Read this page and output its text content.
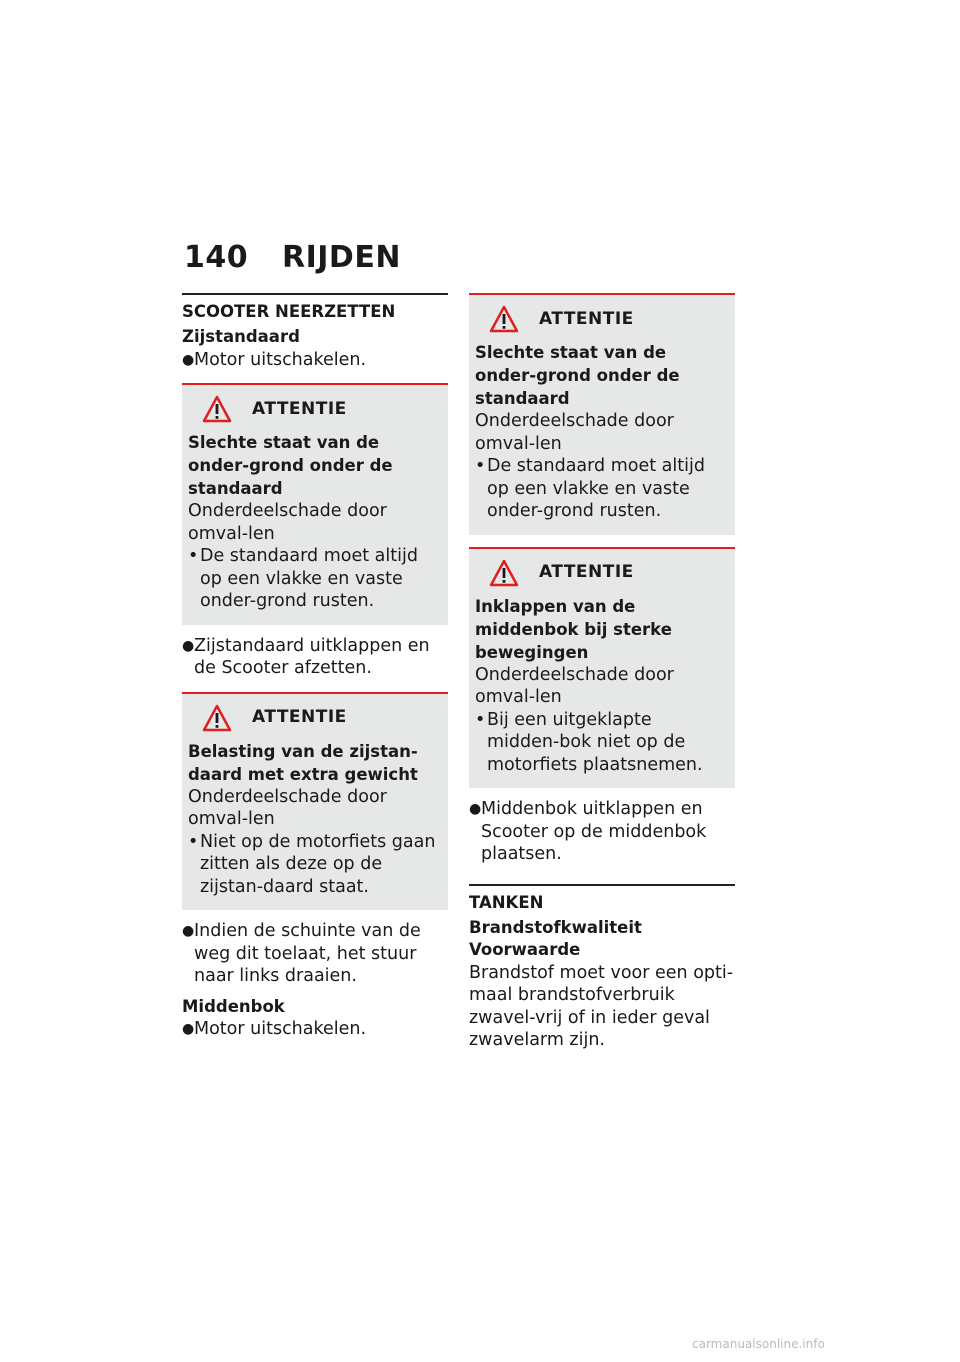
140 RIJDEN
SCOOTER NEERZETTEN
Zijstandaard
● Motor uitschakelen.
ATTENTIE
Slechte staat van de onder-grond onder de standaard
Onderdeelschade door omval-len
• De standaard moet altijd op een vlakke en vaste onder-grond rusten.
● Zijstandaard uitklappen en de Scooter afzetten.
ATTENTIE
Belasting van de zijstan-daard met extra gewicht
Onderdeelschade door omval-len
• Niet op de motorfiets gaan zitten als deze op de zijstan-daard staat.
● Indien de schuinte van de weg dit toelaat, het stuur naar links draaien.
Middenbok
● Motor uitschakelen.
ATTENTIE
Slechte staat van de onder-grond onder de standaard
Onderdeelschade door omval-len
• De standaard moet altijd op een vlakke en vaste onder-grond rusten.
ATTENTIE
Inklappen van de middenbok bij sterke bewegingen
Onderdeelschade door omval-len
• Bij een uitgeklapte midden-bok niet op de motorfiets plaatsnemen.
● Middenbok uitklappen en Scooter op de middenbok plaatsen.
TANKEN
Brandstofkwaliteit
Voorwaarde
Brandstof moet voor een opti-maal brandstofverbruik zwavel-vrij of in ieder geval zwavelarm zijn.
carmanualsonline.info
